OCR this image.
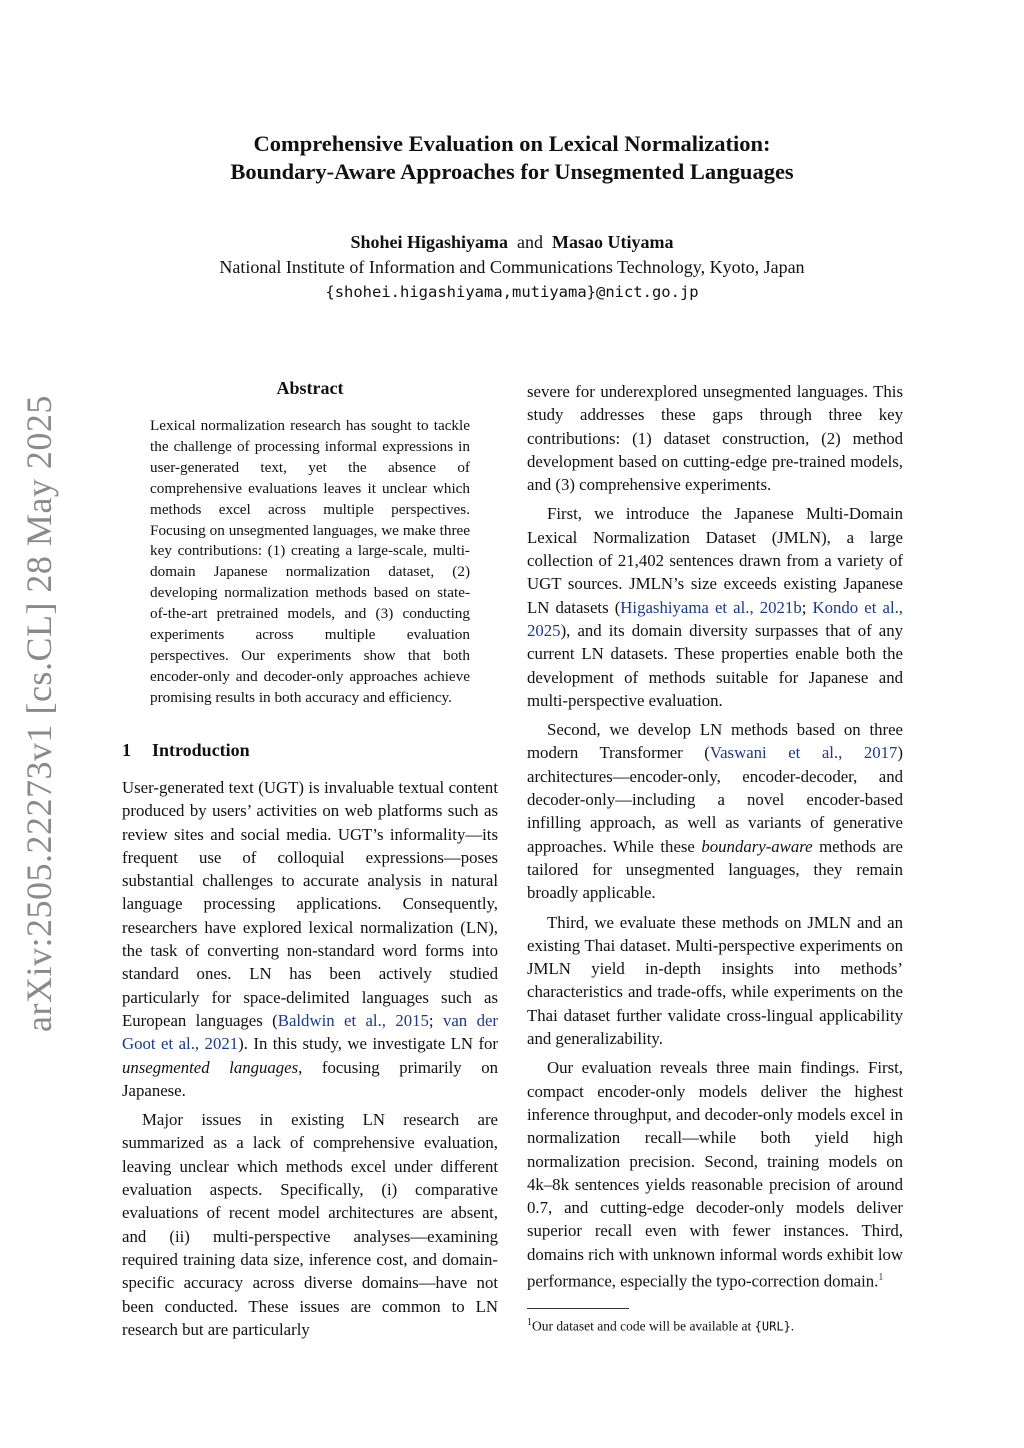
arXiv:2505.22273v1 [cs.CL] 28 May 2025
Comprehensive Evaluation on Lexical Normalization:
Boundary-Aware Approaches for Unsegmented Languages
Shohei Higashiyama and Masao Utiyama
National Institute of Information and Communications Technology, Kyoto, Japan
{shohei.higashiyama,mutiyama}@nict.go.jp
Abstract
Lexical normalization research has sought to tackle the challenge of processing informal expressions in user-generated text, yet the absence of comprehensive evaluations leaves it unclear which methods excel across multiple perspectives. Focusing on unsegmented languages, we make three key contributions: (1) creating a large-scale, multi-domain Japanese normalization dataset, (2) developing normalization methods based on state-of-the-art pretrained models, and (3) conducting experiments across multiple evaluation perspectives. Our experiments show that both encoder-only and decoder-only approaches achieve promising results in both accuracy and efficiency.
1 Introduction

User-generated text (UGT) is invaluable textual content produced by users’ activities on web platforms such as review sites and social media. UGT’s informality—its frequent use of colloquial expressions—poses substantial challenges to accurate analysis in natural language processing applications. Consequently, researchers have explored lexical normalization (LN), the task of converting non-standard word forms into standard ones. LN has been actively studied particularly for space-delimited languages such as European languages (Baldwin et al., 2015; van der Goot et al., 2021). In this study, we investigate LN for unsegmented languages, focusing primarily on Japanese.

Major issues in existing LN research are summarized as a lack of comprehensive evaluation, leaving unclear which methods excel under different evaluation aspects. Specifically, (i) comparative evaluations of recent model architectures are absent, and (ii) multi-perspective analyses—examining required training data size, inference cost, and domain-specific accuracy across diverse domains—have not been conducted. These issues are common to LN research but are particularly

severe for underexplored unsegmented languages. This study addresses these gaps through three key contributions: (1) dataset construction, (2) method development based on cutting-edge pre-trained models, and (3) comprehensive experiments.

First, we introduce the Japanese Multi-Domain Lexical Normalization Dataset (JMLN), a large collection of 21,402 sentences drawn from a variety of UGT sources. JMLN’s size exceeds existing Japanese LN datasets (Higashiyama et al., 2021b; Kondo et al., 2025), and its domain diversity surpasses that of any current LN datasets. These properties enable both the development of methods suitable for Japanese and multi-perspective evaluation.

Second, we develop LN methods based on three modern Transformer (Vaswani et al., 2017) architectures—encoder-only, encoder-decoder, and decoder-only—including a novel encoder-based infilling approach, as well as variants of generative approaches. While these boundary-aware methods are tailored for unsegmented languages, they remain broadly applicable.

Third, we evaluate these methods on JMLN and an existing Thai dataset. Multi-perspective experiments on JMLN yield in-depth insights into methods’ characteristics and trade-offs, while experiments on the Thai dataset further validate cross-lingual applicability and generalizability.

Our evaluation reveals three main findings. First, compact encoder-only models deliver the highest inference throughput, and decoder-only models excel in normalization recall—while both yield high normalization precision. Second, training models on 4k–8k sentences yields reasonable precision of around 0.7, and cutting-edge decoder-only models deliver superior recall even with fewer instances. Third, domains rich with unknown informal words exhibit low performance, especially the typo-correction domain.$^1$

$^1$Our dataset and code will be available at {URL}.
